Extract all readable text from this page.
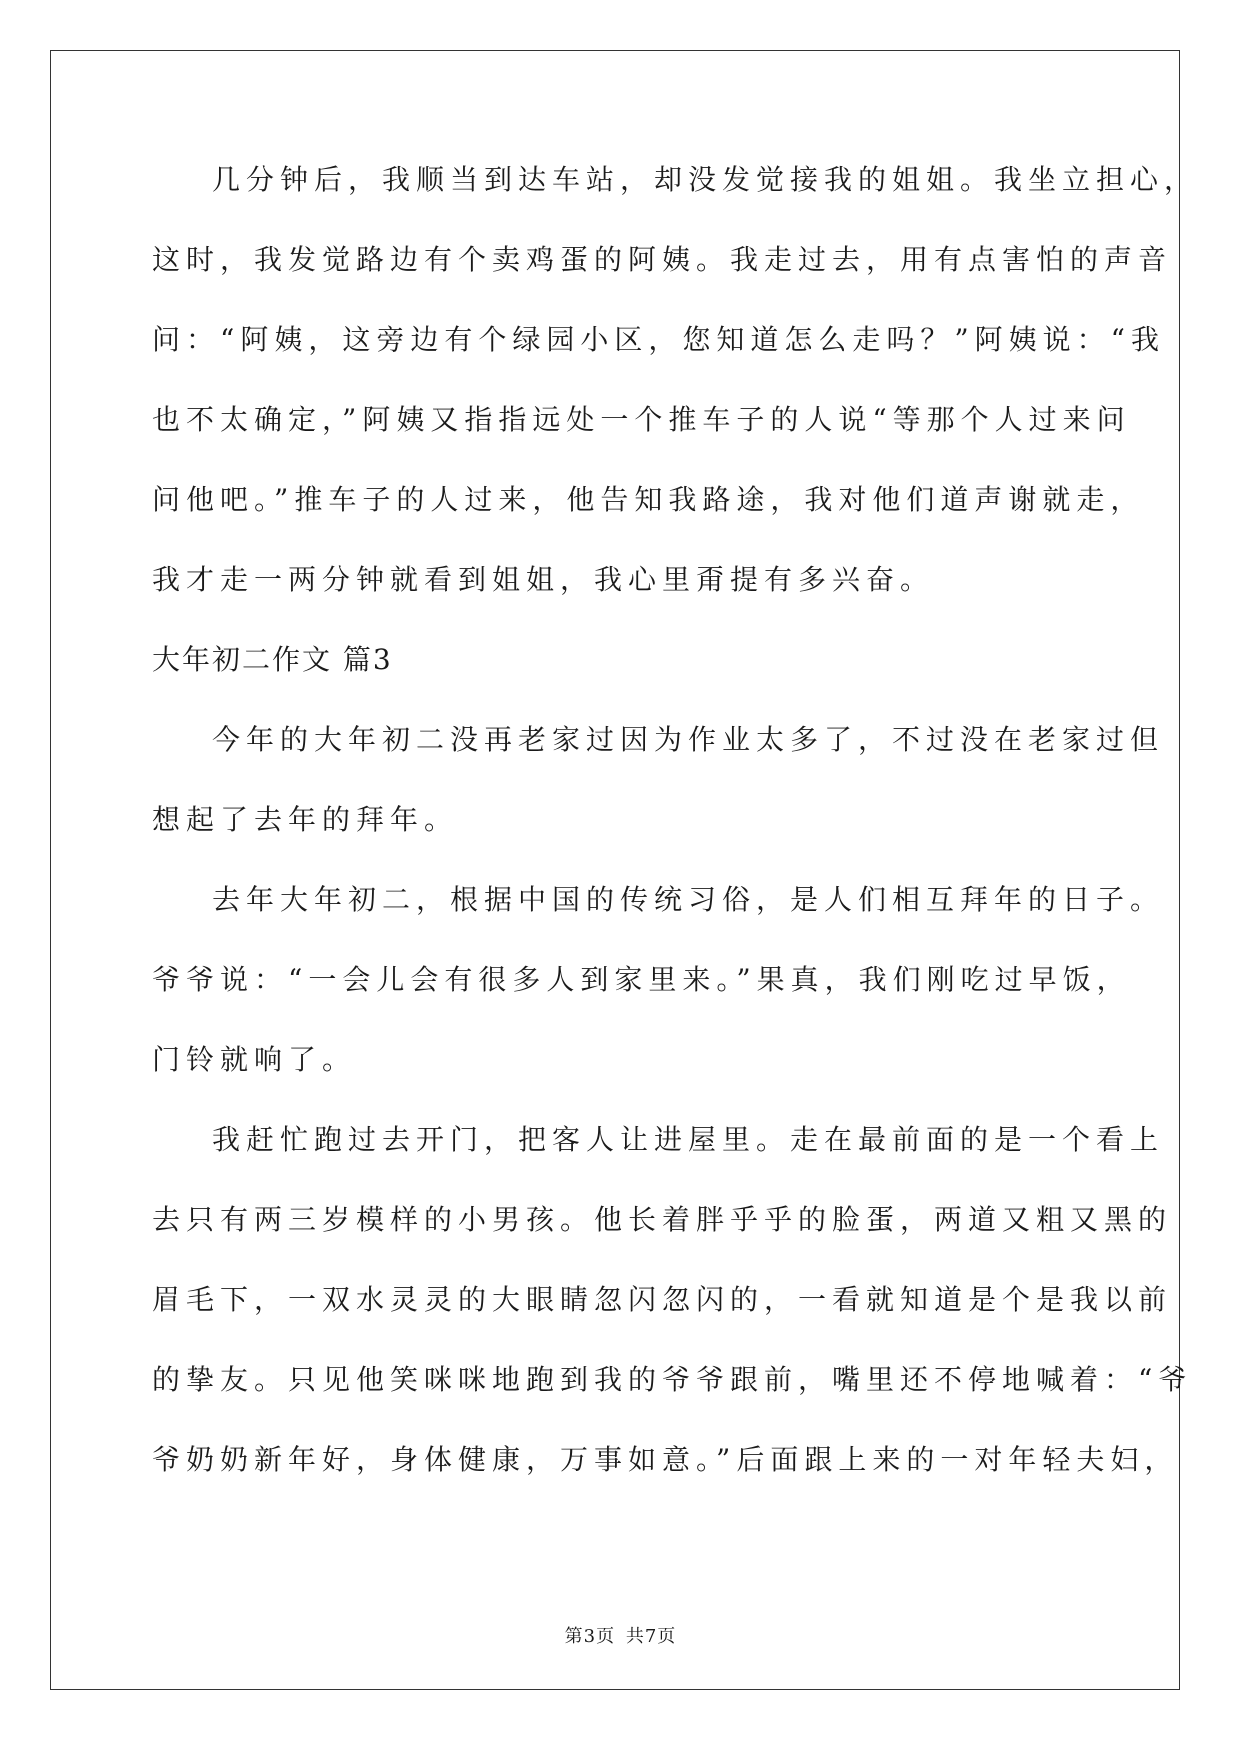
几分钟后，我顺当到达车站，却没发觉接我的姐姐。我坐立担心，
这时，我发觉路边有个卖鸡蛋的阿姨。我走过去，用有点害怕的声音
问：“阿姨，这旁边有个绿园小区，您知道怎么走吗？”阿姨说：“我
也不太确定，”阿姨又指指远处一个推车子的人说“等那个人过来问
问他吧。”推车子的人过来，他告知我路途，我对他们道声谢就走，
我才走一两分钟就看到姐姐，我心里甭提有多兴奋。
大年初二作文 篇3
今年的大年初二没再老家过因为作业太多了，不过没在老家过但
想起了去年的拜年。
去年大年初二，根据中国的传统习俗，是人们相互拜年的日子。
爷爷说：“一会儿会有很多人到家里来。”果真，我们刚吃过早饭，
门铃就响了。
我赶忙跑过去开门，把客人让进屋里。走在最前面的是一个看上
去只有两三岁模样的小男孩。他长着胖乎乎的脸蛋，两道又粗又黑的
眉毛下，一双水灵灵的大眼睛忽闪忽闪的，一看就知道是个是我以前
的挚友。只见他笑咪咪地跑到我的爷爷跟前，嘴里还不停地喊着：“爷
爷奶奶新年好，身体健康，万事如意。”后面跟上来的一对年轻夫妇，
第3页 共7页
